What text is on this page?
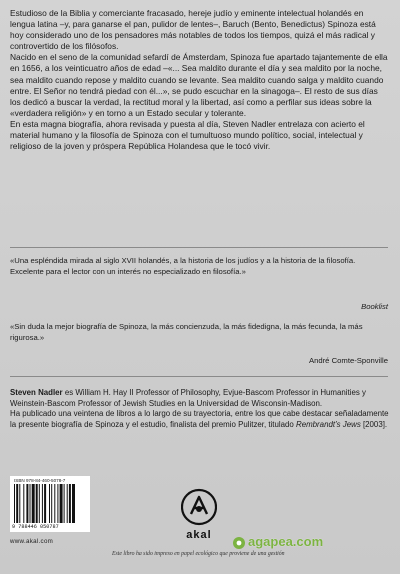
Estudioso de la Biblia y comerciante fracasado, hereje judío y eminente intelectual holandés en lengua latina –y, para ganarse el pan, pulidor de lentes–, Baruch (Bento, Benedictus) Spinoza está hoy considerado uno de los pensadores más notables de todos los tiempos, quizá el más radical y controvertido de los filósofos.

Nacido en el seno de la comunidad sefardí de Ámsterdam, Spinoza fue apartado tajantemente de ella en 1656, a los veinticuatro años de edad –«... Sea maldito durante el día y sea maldito por la noche, sea maldito cuando repose y maldito cuando se levante. Sea maldito cuando salga y maldito cuando entre. El Señor no tendrá piedad con él...», se pudo escuchar en la sinagoga–. El resto de sus días los dedicó a buscar la verdad, la rectitud moral y la libertad, así como a perfilar sus ideas sobre la «verdadera religión» y en torno a un Estado secular y tolerante.

En esta magna biografía, ahora revisada y puesta al día, Steven Nadler entrelaza con acierto el material humano y la filosofía de Spinoza con el tumultuoso mundo político, social, intelectual y religioso de la joven y próspera República Holandesa que le tocó vivir.

«Una espléndida mirada al siglo XVII holandés, a la historia de los judíos y a la historia de la filosofía. Excelente para el lector con un interés no especializado en filosofía.»

Booklist

«Sin duda la mejor biografía de Spinoza, la más concienzuda, la más fidedigna, la más fecunda, la más rigurosa.»

André Comte-Sponville

Steven Nadler es William H. Hay II Professor of Philosophy, Evjue-Bascom Professor in Humanities y Weinstein-Bascom Professor of Jewish Studies en la Universidad de Wisconsin-Madison.

Ha publicado una veintena de libros a lo largo de su trayectoria, entre los que cabe destacar señaladamente la presente biografía de Spinoza y el estudio, finalista del premio Pulitzer, titulado Rembrandt’s Jews [2003].

ISBN 978-84-460-5078-7
9 788446 050787
www.akal.com
akal

Este libro ha sido impreso en papel ecológico que proviene de una gestión

agapea.com
